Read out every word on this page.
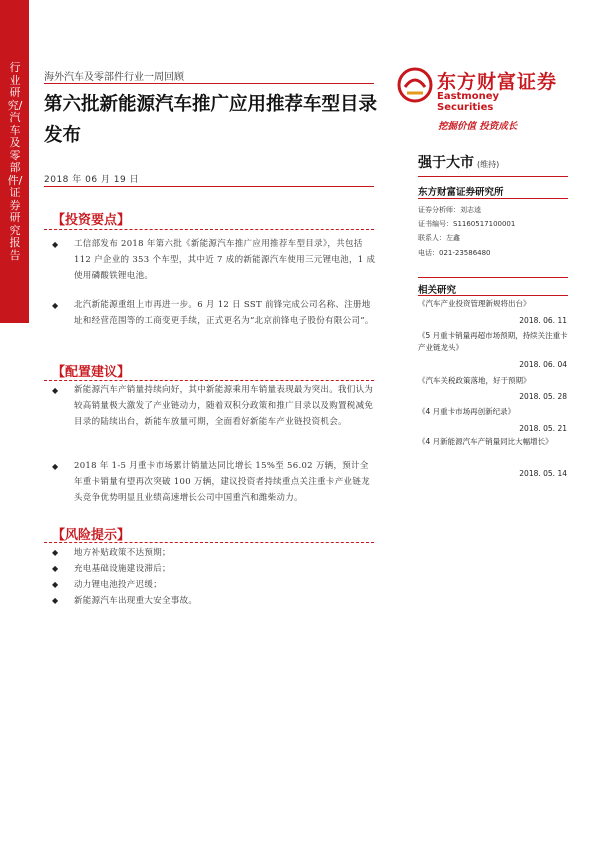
行业研究/汽车及零部件/证券研究报告
海外汽车及零部件行业一周回顾
第六批新能源汽车推广应用推荐车型目录发布
2018 年 06 月 19 日
东方财富证券
Eastmoney Securities
挖掘价值 投资成长
强于大市 (维持)
东方财富证券研究所
证券分析师：刘志逵
证书编号：S1160517100001
联系人：左鑫
电话：021-23586480
相关研究
《汽车产业投资管理新规将出台》
2018. 06. 11
《5 月重卡销量再超市场预期，持续关注重卡产业链龙头》
2018. 06. 04
《汽车关税政策落地，好于预期》
2018. 05. 28
《4 月重卡市场再创新纪录》
2018. 05. 21
《4 月新能源汽车产销量同比大幅增长》
2018. 05. 14
【投资要点】
◆ 工信部发布 2018 年第六批《新能源汽车推广应用推荐车型目录》，共包括 112 户企业的 353 个车型，其中近 7 成的新能源汽车使用三元锂电池，1 成使用磷酸铁锂电池。
◆ 北汽新能源重组上市再进一步。6 月 12 日 SST 前锋完成公司名称、注册地址和经营范围等的工商变更手续，正式更名为“北京前锋电子股份有限公司”。
【配置建议】
◆ 新能源汽车产销量持续向好，其中新能源乘用车销量表现最为突出。我们认为较高销量极大激发了产业链动力，随着双积分政策和推广目录以及购置税减免目录的陆续出台，新能车放量可期，全面看好新能车产业链投资机会。
◆ 2018 年 1-5 月重卡市场累计销量达同比增长 15%至 56.02 万辆，预计全年重卡销量有望再次突破 100 万辆，建议投资者持续重点关注重卡产业链龙头竞争优势明显且业绩高速增长公司中国重汽和潍柴动力。
【风险提示】
◆ 地方补贴政策不达预期；
◆ 充电基础设施建设滞后；
◆ 动力锂电池投产迟缓；
◆ 新能源汽车出现重大安全事故。
